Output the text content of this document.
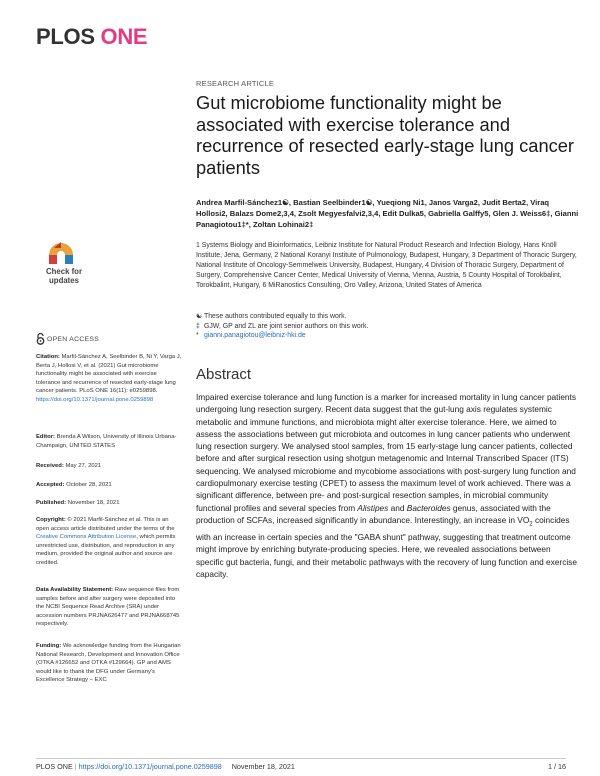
PLOS ONE
RESEARCH ARTICLE
Gut microbiome functionality might be associated with exercise tolerance and recurrence of resected early-stage lung cancer patients
Andrea Marfil-Sánchez1☯, Bastian Seelbinder1☯, Yueqiong Ni1, Janos Varga2, Judit Berta2, Viraq Hollosi2, Balazs Dome2,3,4, Zsolt Megyesfalvi2,3,4, Edit Dulka5, Gabriella Galffy5, Glen J. Weiss6‡, Gianni Panagiotou1‡*, Zoltan Lohinai2‡
1 Systems Biology and Bioinformatics, Leibniz Institute for Natural Product Research and Infection Biology, Hans Knöll Institute, Jena, Germany, 2 National Koranyi Institute of Pulmonology, Budapest, Hungary, 3 Department of Thoracic Surgery, National Institute of Oncology-Semmelweis University, Budapest, Hungary, 4 Division of Thoracic Surgery, Department of Surgery, Comprehensive Cancer Center, Medical University of Vienna, Vienna, Austria, 5 County Hospital of Torokbalint, Torokbalint, Hungary, 6 MiRanostics Consulting, Oro Valley, Arizona, United States of America
☯ These authors contributed equally to this work.
‡ GJW, GP and ZL are joint senior authors on this work.
* gianni.panagiotou@leibniz-hki.de
Abstract
Impaired exercise tolerance and lung function is a marker for increased mortality in lung cancer patients undergoing lung resection surgery. Recent data suggest that the gut-lung axis regulates systemic metabolic and immune functions, and microbiota might alter exercise tolerance. Here, we aimed to assess the associations between gut microbiota and outcomes in lung cancer patients who underwent lung resection surgery. We analysed stool samples, from 15 early-stage lung cancer patients, collected before and after surgical resection using shotgun metagenomic and Internal Transcribed Spacer (ITS) sequencing. We analysed microbiome and mycobiome associations with post-surgery lung function and cardiopulmonary exercise testing (CPET) to assess the maximum level of work achieved. There was a significant difference, between pre- and post-surgical resection samples, in microbial community functional profiles and several species from Alistipes and Bacteroides genus, associated with the production of SCFAs, increased significantly in abundance. Interestingly, an increase in $VO_2$ coincides with an increase in certain species and the "GABA shunt" pathway, suggesting that treatment outcome might improve by enriching butyrate-producing species. Here, we revealed associations between specific gut bacteria, fungi, and their metabolic pathways with the recovery of lung function and exercise capacity.
Check for updates
OPEN ACCESS
Citation: Marfil-Sánchez A, Seelbinder B, Ni Y, Varga J, Berta J, Hollosi V, et al. (2021) Gut microbiome functionality might be associated with exercise tolerance and recurrence of resected early-stage lung cancer patients. PLoS ONE 16(11): e0259898. https://doi.org/10.1371/journal.pone.0259898
Editor: Brenda A Wilson, University of Illinois Urbana-Champaign, UNITED STATES
Received: May 27, 2021
Accepted: October 28, 2021
Published: November 18, 2021
Copyright: © 2021 Marfil-Sánchez et al. This is an open access article distributed under the terms of the Creative Commons Attribution License, which permits unrestricted use, distribution, and reproduction in any medium, provided the original author and source are credited.
Data Availability Statement: Raw sequence files from samples before and after surgery were deposited into the NCBI Sequence Read Archive (SRA) under accession numbers PRJNA626477 and PRJNA668745 respectively.
Funding: We acknowledge funding from the Hungarian National Research, Development and Innovation Office (OTKA #126652 and OTKA #129664). GP and AMS would like to thank the DFG under Germany's Excellence Strategy – EXC
PLOS ONE | https://doi.org/10.1371/journal.pone.0259898 November 18, 2021	1 / 16
